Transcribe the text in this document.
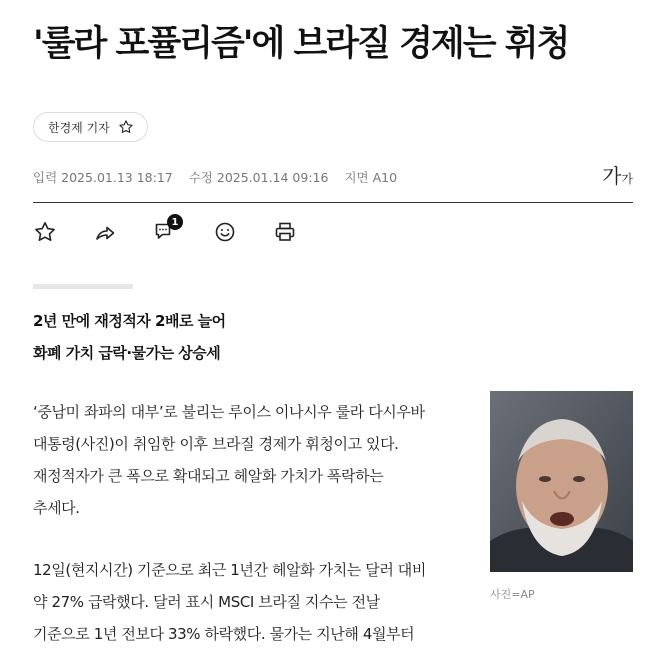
'룰라 포퓰리즘'에 브라질 경제는 휘청
한경제 기자
입력 2025.01.13 18:17 수정 2025.01.14 09:16 지면 A10	가 가
1
2년 만에 재정적자 2배로 늘어
화폐 가치 급락·물가는 상승세
‘중남미 좌파의 대부’로 불리는 루이스 이나시우 룰라 다시우바
대통령(사진)이 취임한 이후 브라질 경제가 휘청이고 있다.
재정적자가 큰 폭으로 확대되고 헤알화 가치가 폭락하는
추세다.
12일(현지시간) 기준으로 최근 1년간 헤알화 가치는 달러 대비
약 27% 급락했다. 달러 표시 MSCI 브라질 지수는 전날
기준으로 1년 전보다 33% 하락했다. 물가는 지난해 4월부터
사진=AP
